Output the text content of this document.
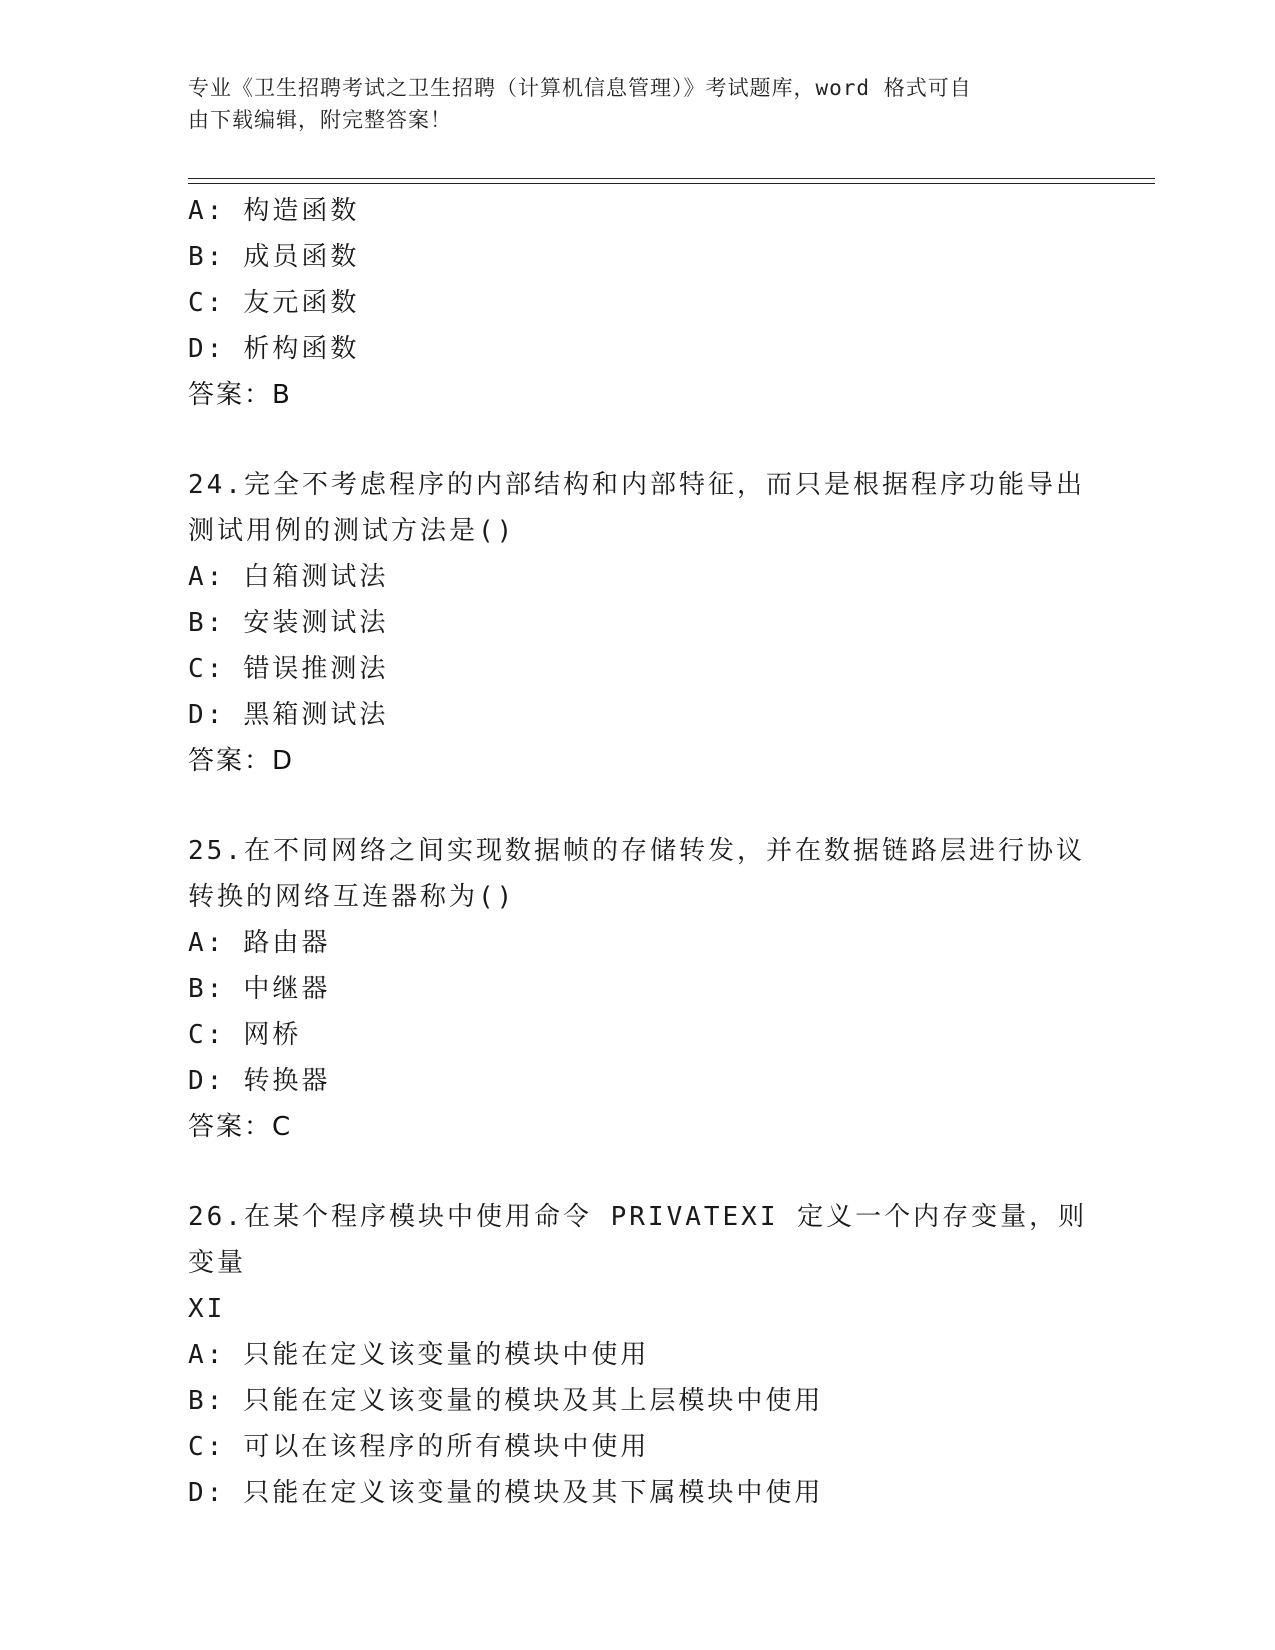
专业《卫生招聘考试之卫生招聘（计算机信息管理）》考试题库，word 格式可自
由下载编辑，附完整答案！
A: 构造函数
B: 成员函数
C: 友元函数
D: 析构函数
答案：B
24.完全不考虑程序的内部结构和内部特征，而只是根据程序功能导出
测试用例的测试方法是()
A: 白箱测试法
B: 安装测试法
C: 错误推测法
D: 黑箱测试法
答案：D
25.在不同网络之间实现数据帧的存储转发，并在数据链路层进行协议
转换的网络互连器称为()
A: 路由器
B: 中继器
C: 网桥
D: 转换器
答案：C
26.在某个程序模块中使用命令 PRIVATEXI 定义一个内存变量，则变量
XI
A: 只能在定义该变量的模块中使用
B: 只能在定义该变量的模块及其上层模块中使用
C: 可以在该程序的所有模块中使用
D: 只能在定义该变量的模块及其下属模块中使用
